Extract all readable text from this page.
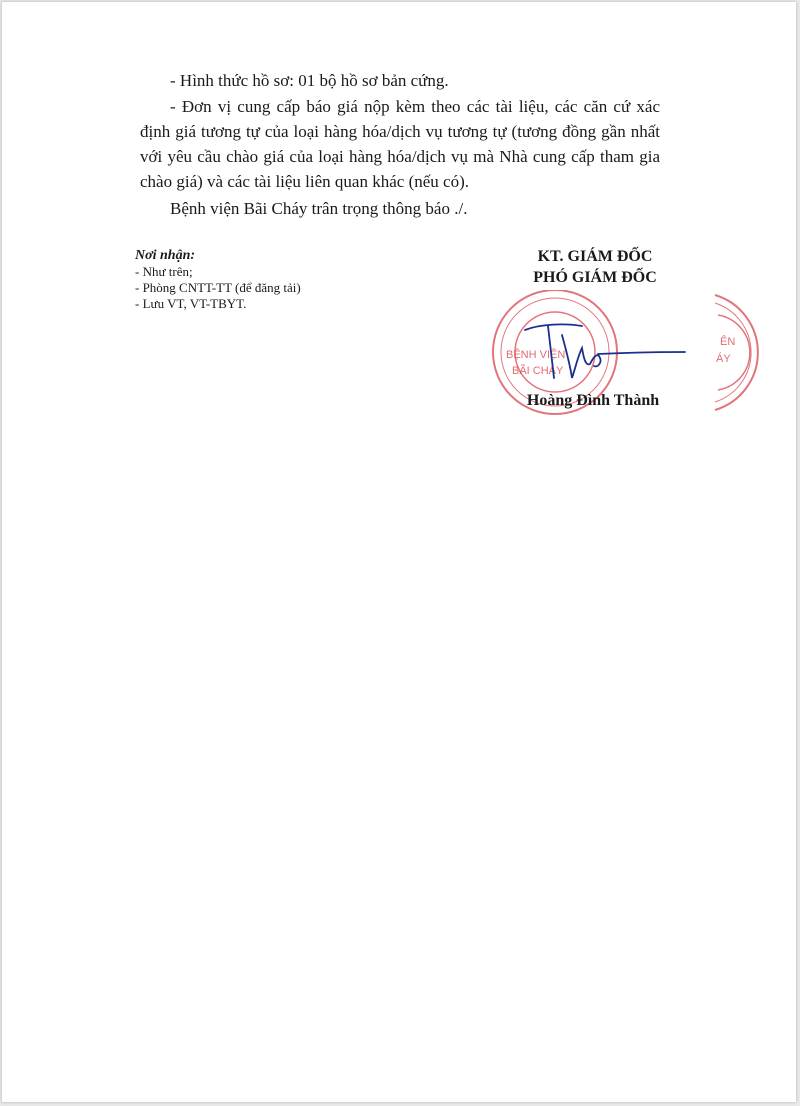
- Hình thức hồ sơ: 01 bộ hồ sơ bản cứng.
- Đơn vị cung cấp báo giá nộp kèm theo các tài liệu, các căn cứ xác định giá tương tự của loại hàng hóa/dịch vụ tương tự (tương đồng gần nhất với yêu cầu chào giá của loại hàng hóa/dịch vụ mà Nhà cung cấp tham gia chào giá) và các tài liệu liên quan khác (nếu có).
Bệnh viện Bãi Cháy trân trọng thông báo ./.
Nơi nhận:
- Như trên;
- Phòng CNTT-TT (để đăng tải)
- Lưu VT, VT-TBYT.
KT. GIÁM ĐỐC
PHÓ GIÁM ĐỐC
BỆNH VIỆN
BÃI CHÁY
ÊN
ÁY
Hoàng Đình Thành
